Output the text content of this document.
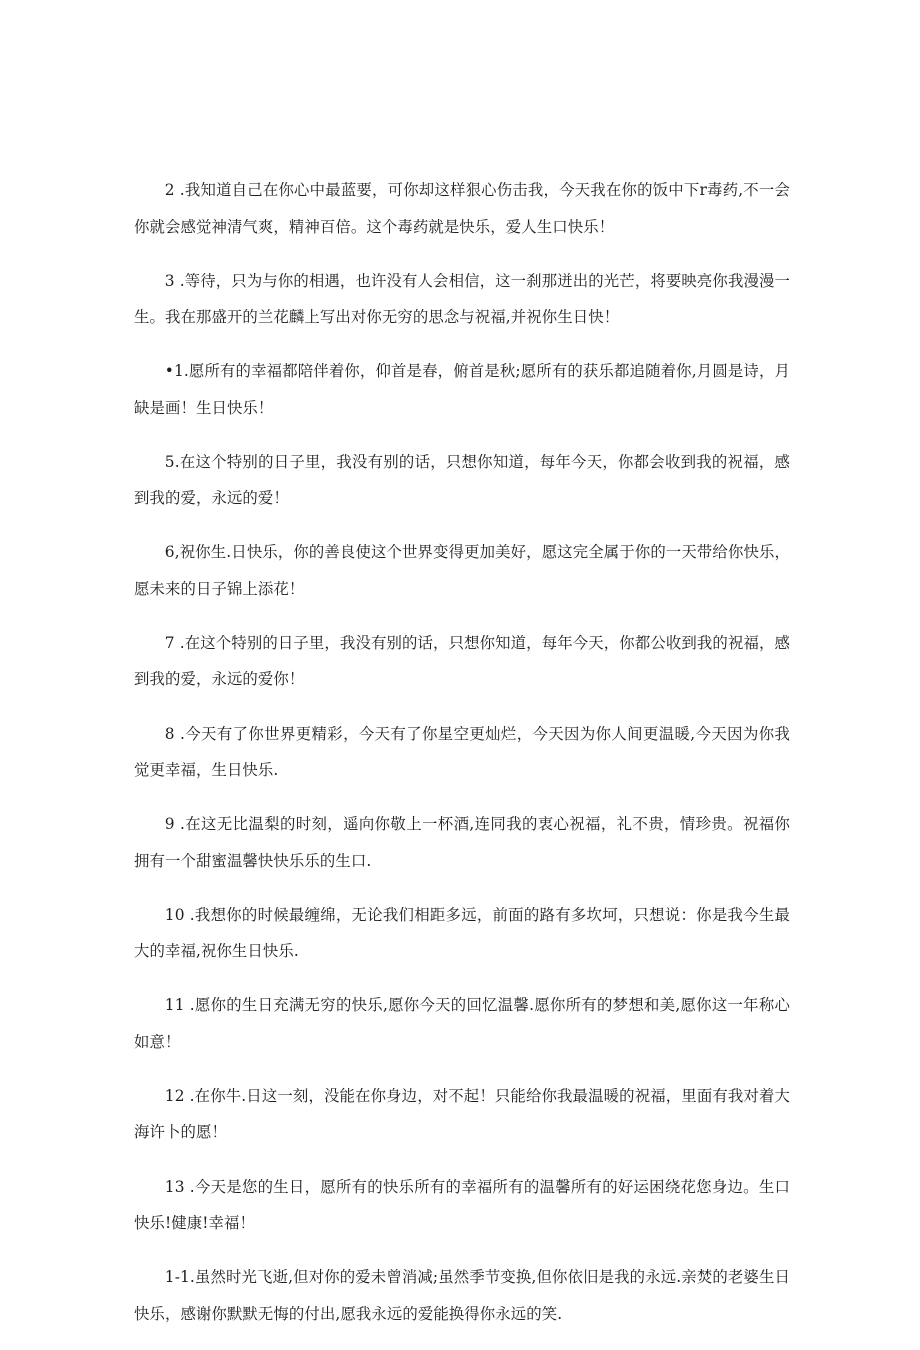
2 .我知道自己在你心中最蓝要，可你却这样狠心伤击我，今天我在你的饭中下r毒药,不一会你就会感觉神清气爽，精神百倍。这个毒药就是快乐，爱人生口快乐！

3 .等待，只为与你的相遇，也许没有人会相信，这一刹那迸出的光芒，将要映亮你我漫漫一生。我在那盛开的兰花麟上写出对你无穷的思念与祝福,并祝你生日快！

•1.愿所有的幸福都陪伴着你，仰首是春，俯首是秋;愿所有的获乐都追随着你,月圆是诗，月缺是画！生日快乐！

5.在这个特别的日子里，我没有别的话，只想你知道，每年今天，你都会收到我的祝福，感到我的爱，永远的爱！

6,祝你生.日快乐，你的善良使这个世界变得更加美好，愿这完全属于你的一天带给你快乐，愿未来的日子锦上添花！

7 .在这个特别的日子里，我没有别的话，只想你知道，每年今天，你都公收到我的祝福，感到我的爱，永远的爱你！

8 .今天有了你世界更精彩，今天有了你星空更灿烂，今天因为你人间更温暖,今天因为你我觉更幸福，生日快乐.

9 .在这无比温梨的时刻，遥向你敬上一杯酒,连同我的衷心祝福，礼不贵，情珍贵。祝福你拥有一个甜蜜温馨快快乐乐的生口.

10 .我想你的时候最缠绵，无论我们相距多远，前面的路有多坎坷，只想说：你是我今生最大的幸福,祝你生日快乐.

11 .愿你的生日充满无穷的快乐,愿你今天的回忆温馨.愿你所有的梦想和美,愿你这一年称心如意！

12 .在你牛.日这一刻，没能在你身边，对不起！只能给你我最温暖的祝福，里面有我对着大海许卜的愿！

13 .今天是您的生日，愿所有的快乐所有的幸福所有的温馨所有的好运困绕花您身边。生口快乐!健康!幸福！

1-1.虽然时光飞逝,但对你的爱未曾消减;虽然季节变换,但你依旧是我的永远.亲焚的老婆生日快乐，感谢你默默无悔的付出,愿我永远的爱能换得你永远的笑.
